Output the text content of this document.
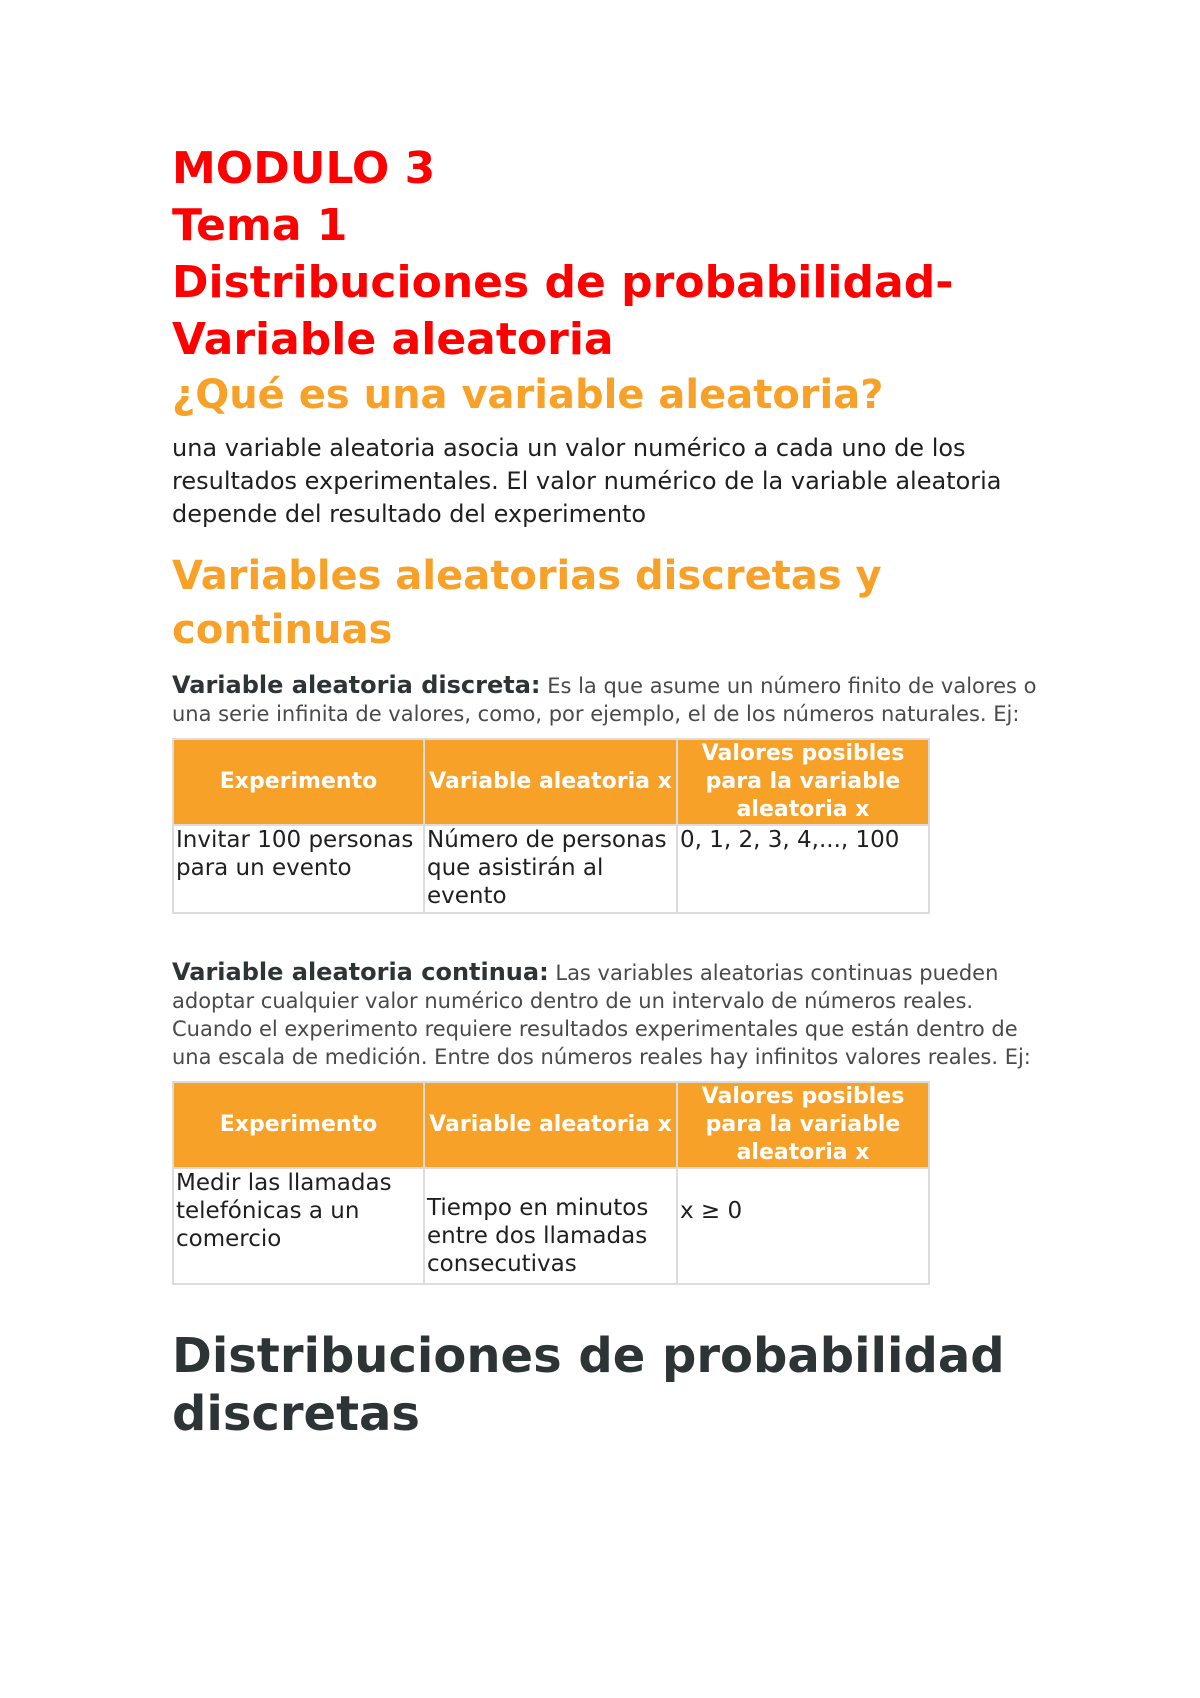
MODULO 3
Tema 1
Distribuciones de probabilidad-
Variable aleatoria
¿Qué es una variable aleatoria?

una variable aleatoria asocia un valor numérico a cada uno de los resultados experimentales. El valor numérico de la variable aleatoria depende del resultado del experimento

Variables aleatorias discretas y continuas

Variable aleatoria discreta: Es la que asume un número finito de valores o una serie infinita de valores, como, por ejemplo, el de los números naturales. Ej:

Experimento	Variable aleatoria x	Valores posibles para la variable aleatoria x
Invitar 100 personas para un evento	Número de personas que asistirán al evento	0, 1, 2, 3, 4,..., 100

Variable aleatoria continua: Las variables aleatorias continuas pueden adoptar cualquier valor numérico dentro de un intervalo de números reales. Cuando el experimento requiere resultados experimentales que están dentro de una escala de medición. Entre dos números reales hay infinitos valores reales. Ej:

Experimento	Variable aleatoria x	Valores posibles para la variable aleatoria x
Medir las llamadas telefónicas a un comercio	Tiempo en minutos entre dos llamadas consecutivas	x ≥ 0
Distribuciones de probabilidad discretas
